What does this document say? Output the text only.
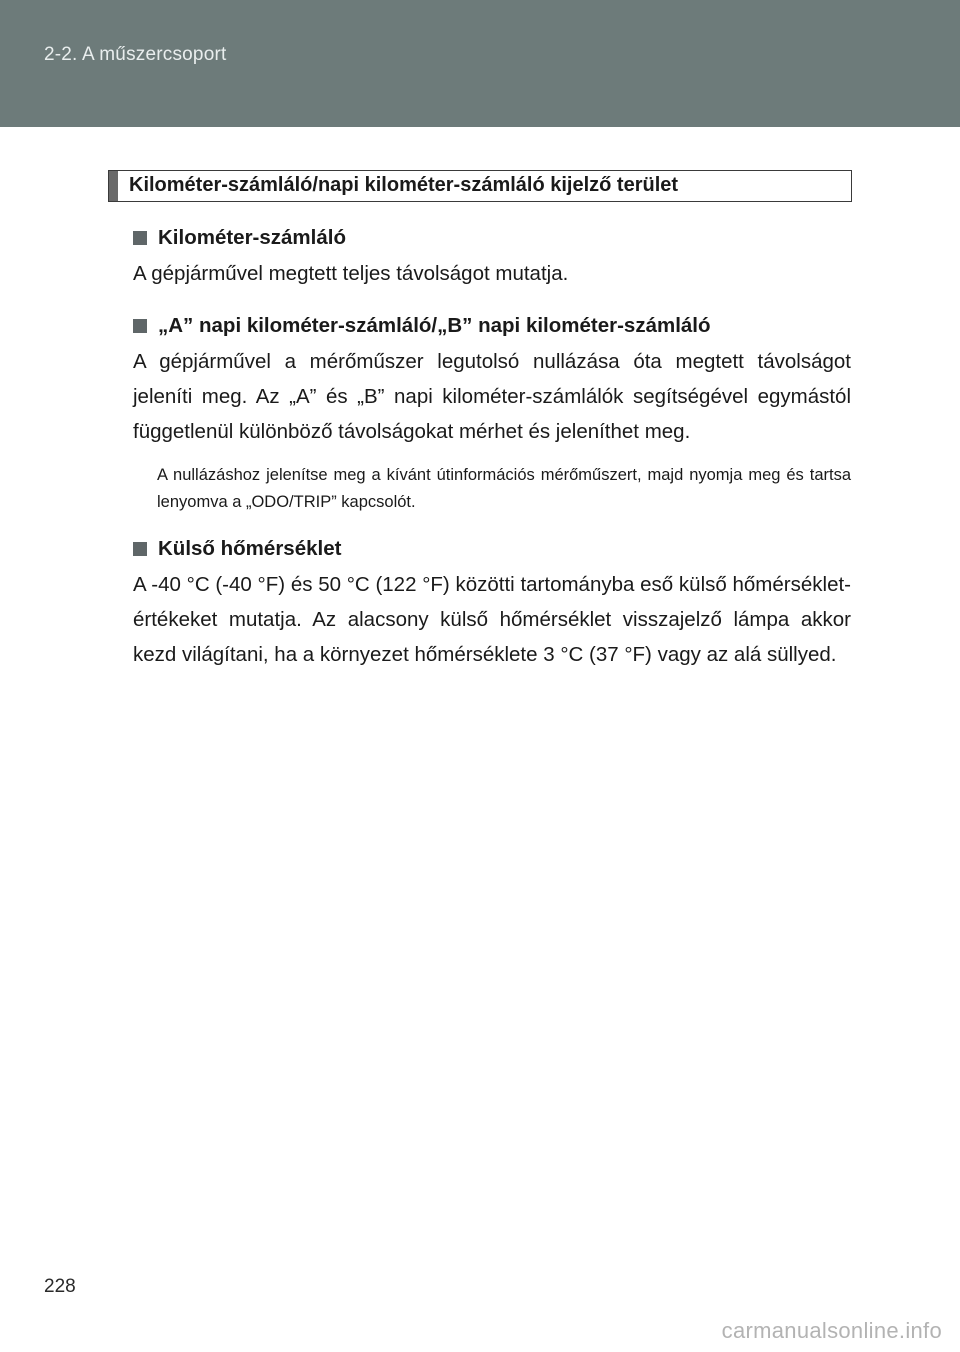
2-2. A műszercsoport
Kilométer-számláló/napi kilométer-számláló kijelző terület
Kilométer-számláló

A gépjárművel megtett teljes távolságot mutatja.

„A” napi kilométer-számláló/„B” napi kilométer-számláló

A gépjárművel a mérőműszer legutolsó nullázása óta megtett távolságot jeleníti meg. Az „A” és „B” napi kilométer-számlálók segítségével egymástól függetlenül különböző távolságokat mérhet és jeleníthet meg.

A nullázáshoz jelenítse meg a kívánt útinformációs mérőműszert, majd nyomja meg és tartsa lenyomva a „ODO/TRIP” kapcsolót.

Külső hőmérséklet

A -40 °C (-40 °F) és 50 °C (122 °F) közötti tartományba eső külső hőmérséklet-értékeket mutatja. Az alacsony külső hőmérséklet visszajelző lámpa akkor kezd világítani, ha a környezet hőmérséklete 3 °C (37 °F) vagy az alá süllyed.

228
carmanualsonline.info
